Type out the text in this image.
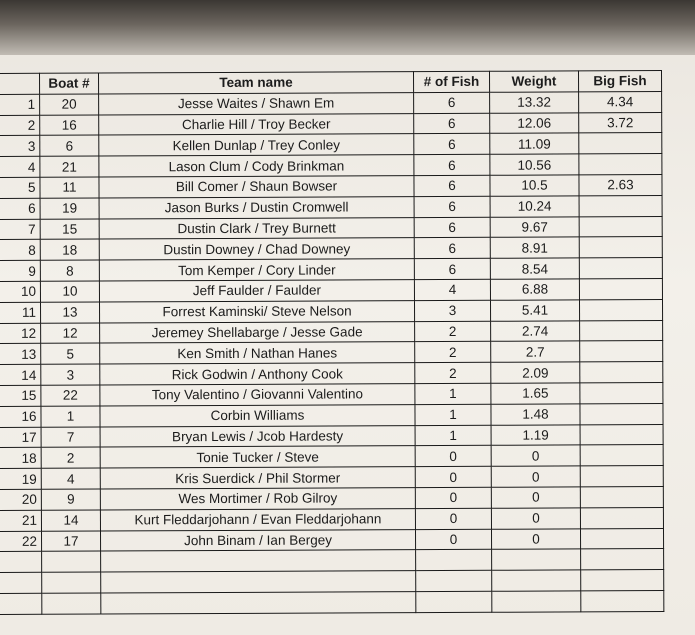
	Boat #	Team name	# of Fish	Weight	Big Fish
1	20	Jesse Waites / Shawn Em	6	13.32	4.34
2	16	Charlie Hill / Troy Becker	6	12.06	3.72
3	6	Kellen Dunlap / Trey Conley	6	11.09	
4	21	Lason Clum / Cody Brinkman	6	10.56	
5	11	Bill Comer / Shaun Bowser	6	10.5	2.63
6	19	Jason Burks / Dustin Cromwell	6	10.24	
7	15	Dustin Clark / Trey Burnett	6	9.67	
8	18	Dustin Downey / Chad Downey	6	8.91	
9	8	Tom Kemper / Cory Linder	6	8.54	
10	10	Jeff Faulder / Faulder	4	6.88	
11	13	Forrest Kaminski/ Steve Nelson	3	5.41	
12	12	Jeremey Shellabarge / Jesse Gade	2	2.74	
13	5	Ken Smith / Nathan Hanes	2	2.7	
14	3	Rick Godwin / Anthony Cook	2	2.09	
15	22	Tony Valentino / Giovanni Valentino	1	1.65	
16	1	Corbin Williams	1	1.48	
17	7	Bryan Lewis / Jcob Hardesty	1	1.19	
18	2	Tonie Tucker / Steve	0	0	
19	4	Kris Suerdick / Phil Stormer	0	0	
20	9	Wes Mortimer / Rob Gilroy	0	0	
21	14	Kurt Fleddarjohann / Evan Fleddarjohann	0	0	
22	17	John Binam / Ian Bergey	0	0	
